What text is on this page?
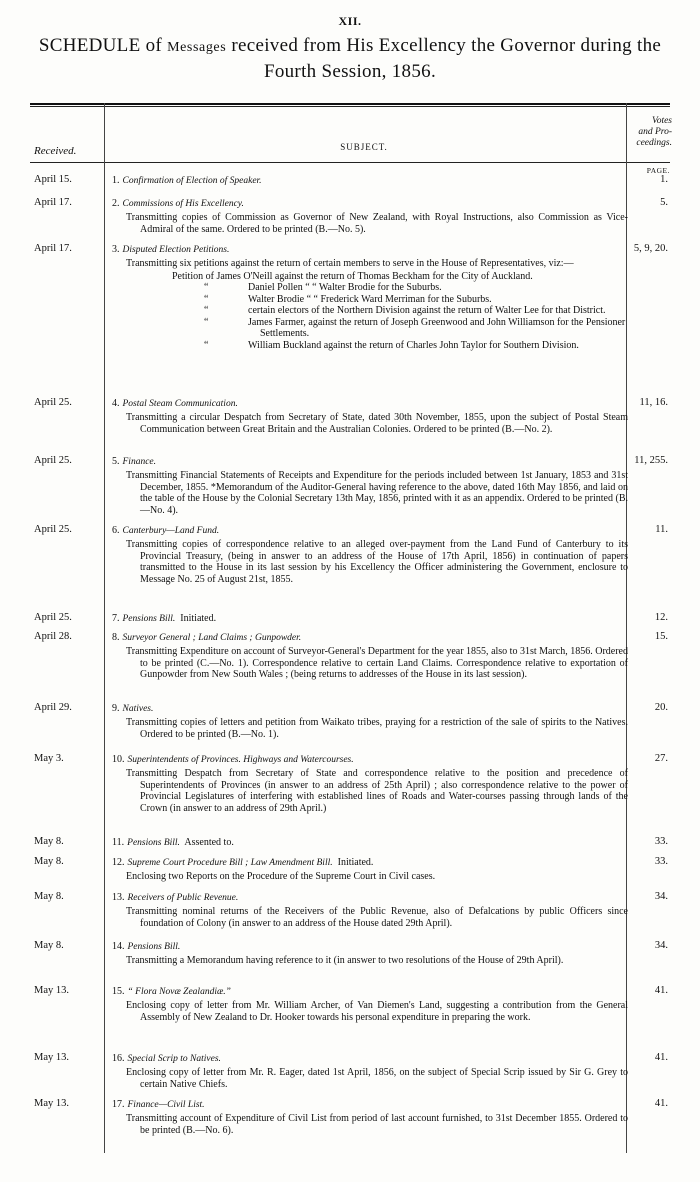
XII.
SCHEDULE of Messages received from His Excellency the Governor during the
Fourth Session, 1856.
Received.	SUBJECT.
Votes
and Pro-
ceedings.
PAGE.
April 15.	1. Confirmation of Election of Speaker.	1.
April 17.	2. Commissions of His Excellency.
Transmitting copies of Commission as Governor of New Zealand, with Royal Instructions, also Commission as Vice-Admiral of the same. Ordered to be printed (B.—No. 5).
5.
April 17.	3. Disputed Election Petitions.
Transmitting six petitions against the return of certain members to serve in the House of Representatives, viz:—
Petition of James O'Neill against the return of Thomas Beckham for the City of Auckland.
“	Daniel Pollen “ “ Walter Brodie for the Suburbs.
“	Walter Brodie “ “ Frederick Ward Merriman for the Suburbs.
“	certain electors of the Northern Division against the return of Walter Lee for that District.
“	James Farmer, against the return of Joseph Greenwood and John Williamson for the Pensioner Settlements.
“	William Buckland against the return of Charles John Taylor for Southern Division.
5, 9, 20.
April 25.	4. Postal Steam Communication.
Transmitting a circular Despatch from Secretary of State, dated 30th November, 1855, upon the subject of Postal Steam Communication between Great Britain and the Australian Colonies. Ordered to be printed (B.—No. 2).
11, 16.
April 25.	5. Finance.
Transmitting Financial Statements of Receipts and Expenditure for the periods included between 1st January, 1853 and 31st December, 1855. *Memorandum of the Auditor-General having reference to the above, dated 16th May 1856, and laid on the table of the House by the Colonial Secretary 13th May, 1856, printed with it as an appendix. Ordered to be printed (B.—No. 4).
11, 255.
April 25.	6. Canterbury—Land Fund.
Transmitting copies of correspondence relative to an alleged over-payment from the Land Fund of Canterbury to its Provincial Treasury, (being in answer to an address of the House of 17th April, 1856) in continuation of papers transmitted to the House in its last session by his Excellency the Officer administering the Government, enclosure to Message No. 25 of August 21st, 1855.
11.
April 25.	7. Pensions Bill. Initiated.	12.
April 28.	8. Surveyor General ; Land Claims ; Gunpowder.
Transmitting Expenditure on account of Surveyor-General's Department for the year 1855, also to 31st March, 1856. Ordered to be printed (C.—No. 1). Correspondence relative to certain Land Claims. Correspondence relative to exportation of Gunpowder from New South Wales ; (being returns to addresses of the House in its last session).
15.
April 29.	9. Natives.
Transmitting copies of letters and petition from Waikato tribes, praying for a restriction of the sale of spirits to the Natives. Ordered to be printed (B.—No. 1).
20.
May 3.	10. Superintendents of Provinces. Highways and Watercourses.
Transmitting Despatch from Secretary of State and correspondence relative to the position and precedence of Superintendents of Provinces (in answer to an address of 25th April) ; also correspondence relative to the power of Provincial Legislatures of interfering with established lines of Roads and Water-courses passing through lands of the Crown (in answer to an address of 29th April.)
27.
May 8.	11. Pensions Bill. Assented to.	33.
May 8.	12. Supreme Court Procedure Bill ; Law Amendment Bill. Initiated.
Enclosing two Reports on the Procedure of the Supreme Court in Civil cases.
33.
May 8.	13. Receivers of Public Revenue.
Transmitting nominal returns of the Receivers of the Public Revenue, also of Defalcations by public Officers since foundation of Colony (in answer to an address of the House dated 29th April).
34.
May 8.	14. Pensions Bill.
Transmitting a Memorandum having reference to it (in answer to two resolutions of the House of 29th April).
34.
May 13.	15. “ Flora Novæ Zealandiæ.”
Enclosing copy of letter from Mr. William Archer, of Van Diemen's Land, suggesting a contribution from the General Assembly of New Zealand to Dr. Hooker towards his personal expenditure in preparing the work.
41.
May 13.	16. Special Scrip to Natives.
Enclosing copy of letter from Mr. R. Eager, dated 1st April, 1856, on the subject of Special Scrip issued by Sir G. Grey to certain Native Chiefs.
41.
May 13.	17. Finance—Civil List.
Transmitting account of Expenditure of Civil List from period of last account furnished, to 31st December 1855. Ordered to be printed (B.—No. 6).
41.
